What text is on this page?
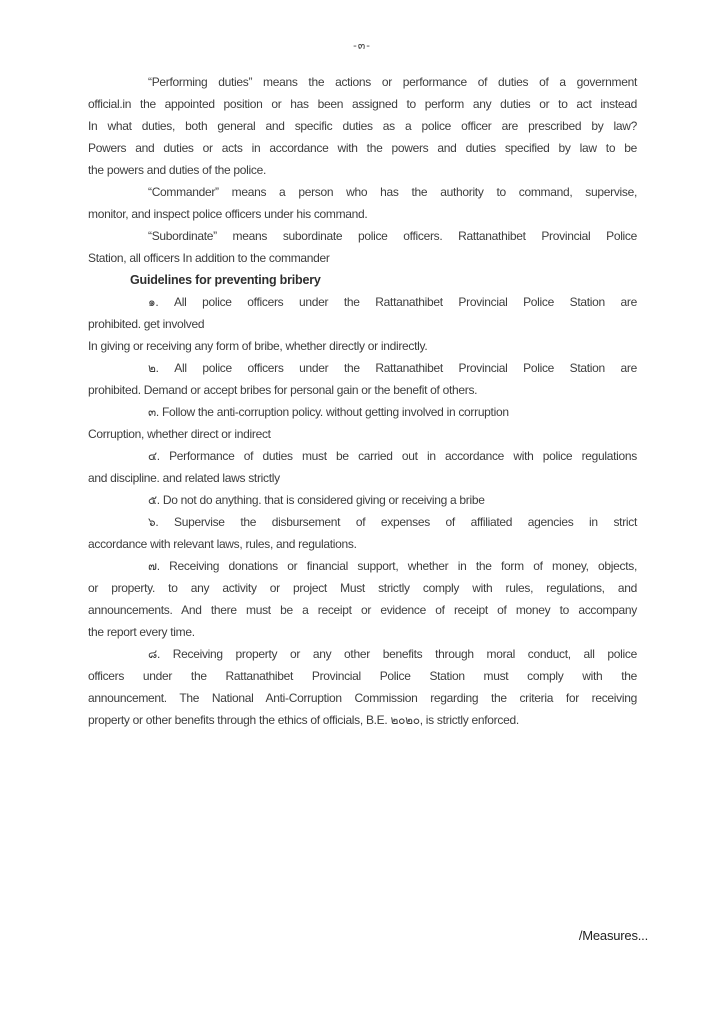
-๓-
“Performing duties” means the actions or performance of duties of a government
official.in the appointed position or has been assigned to perform any duties or to act instead
In what duties, both general and specific duties as a police officer are prescribed by law?
Powers and duties or acts in accordance with the powers and duties specified by law to be
the powers and duties of the police.
“Commander” means a person who has the authority to command, supervise,
monitor, and inspect police officers under his command.
“Subordinate” means subordinate police officers. Rattanathibet Provincial Police
Station, all officers In addition to the commander
Guidelines for preventing bribery
๑. All police officers under the Rattanathibet Provincial Police Station are
prohibited. get involved
In giving or receiving any form of bribe, whether directly or indirectly.
๒. All police officers under the Rattanathibet Provincial Police Station are
prohibited. Demand or accept bribes for personal gain or the benefit of others.
๓. Follow the anti-corruption policy. without getting involved in corruption
Corruption, whether direct or indirect
๔. Performance of duties must be carried out in accordance with police regulations
and discipline. and related laws strictly
๕. Do not do anything. that is considered giving or receiving a bribe
๖. Supervise the disbursement of expenses of affiliated agencies in strict
accordance with relevant laws, rules, and regulations.
๗. Receiving donations or financial support, whether in the form of money, objects,
or property. to any activity or project Must strictly comply with rules, regulations, and
announcements. And there must be a receipt or evidence of receipt of money to accompany
the report every time.
๘. Receiving property or any other benefits through moral conduct, all police
officers under the Rattanathibet Provincial Police Station must comply with the
announcement. The National Anti-Corruption Commission regarding the criteria for receiving
property or other benefits through the ethics of officials, B.E. ๒๐๒๐, is strictly enforced.
/Measures...
